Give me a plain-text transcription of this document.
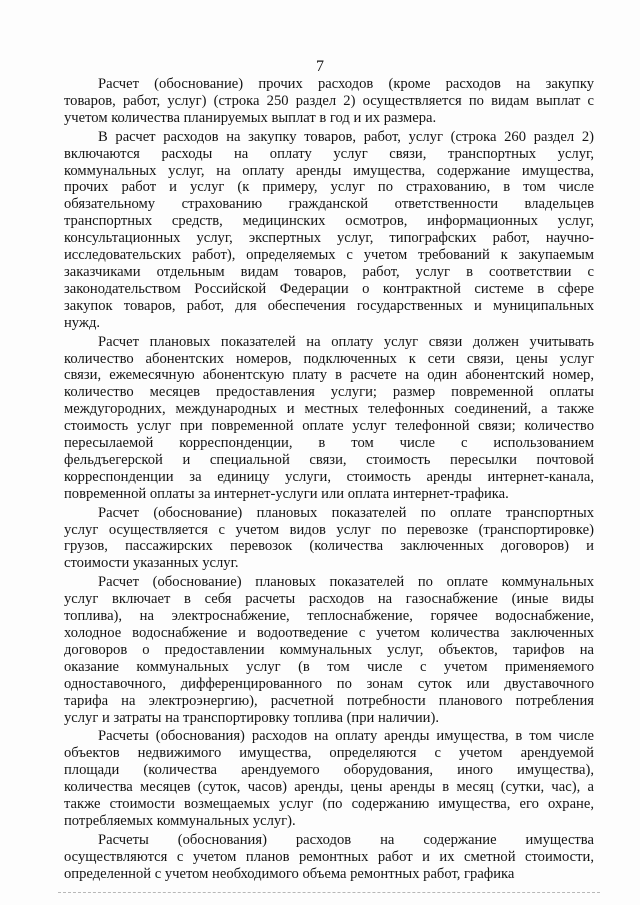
7
Расчет (обоснование) прочих расходов (кроме расходов на закупку
товаров, работ, услуг) (строка 250 раздел 2) осуществляется по видам выплат с
учетом количества планируемых выплат в год и их размера.
В расчет расходов на закупку товаров, работ, услуг (строка 260 раздел 2)
включаются расходы на оплату услуг связи, транспортных услуг,
коммунальных услуг, на оплату аренды имущества, содержание имущества,
прочих работ и услуг (к примеру, услуг по страхованию, в том числе
обязательному страхованию гражданской ответственности владельцев
транспортных средств, медицинских осмотров, информационных услуг,
консультационных услуг, экспертных услуг, типографских работ, научно-
исследовательских работ), определяемых с учетом требований к закупаемым
заказчиками отдельным видам товаров, работ, услуг в соответствии с
законодательством Российской Федерации о контрактной системе в сфере
закупок товаров, работ, для обеспечения государственных и муниципальных
нужд.
Расчет плановых показателей на оплату услуг связи должен учитывать
количество абонентских номеров, подключенных к сети связи, цены услуг
связи, ежемесячную абонентскую плату в расчете на один абонентский номер,
количество месяцев предоставления услуги; размер повременной оплаты
междугородних, международных и местных телефонных соединений, а также
стоимость услуг при повременной оплате услуг телефонной связи; количество
пересылаемой корреспонденции, в том числе с использованием
фельдъегерской и специальной связи, стоимость пересылки почтовой
корреспонденции за единицу услуги, стоимость аренды интернет-канала,
повременной оплаты за интернет-услуги или оплата интернет-трафика.
Расчет (обоснование) плановых показателей по оплате транспортных
услуг осуществляется с учетом видов услуг по перевозке (транспортировке)
грузов, пассажирских перевозок (количества заключенных договоров) и
стоимости указанных услуг.
Расчет (обоснование) плановых показателей по оплате коммунальных
услуг включает в себя расчеты расходов на газоснабжение (иные виды
топлива), на электроснабжение, теплоснабжение, горячее водоснабжение,
холодное водоснабжение и водоотведение с учетом количества заключенных
договоров о предоставлении коммунальных услуг, объектов, тарифов на
оказание коммунальных услуг (в том числе с учетом применяемого
одноставочного, дифференцированного по зонам суток или двуставочного
тарифа на электроэнергию), расчетной потребности планового потребления
услуг и затраты на транспортировку топлива (при наличии).
Расчеты (обоснования) расходов на оплату аренды имущества, в том числе
объектов недвижимого имущества, определяются с учетом арендуемой
площади (количества арендуемого оборудования, иного имущества),
количества месяцев (суток, часов) аренды, цены аренды в месяц (сутки, час), а
также стоимости возмещаемых услуг (по содержанию имущества, его охране,
потребляемых коммунальных услуг).
Расчеты (обоснования) расходов на содержание имущества
осуществляются с учетом планов ремонтных работ и их сметной стоимости,
определенной с учетом необходимого объема ремонтных работ, графика
